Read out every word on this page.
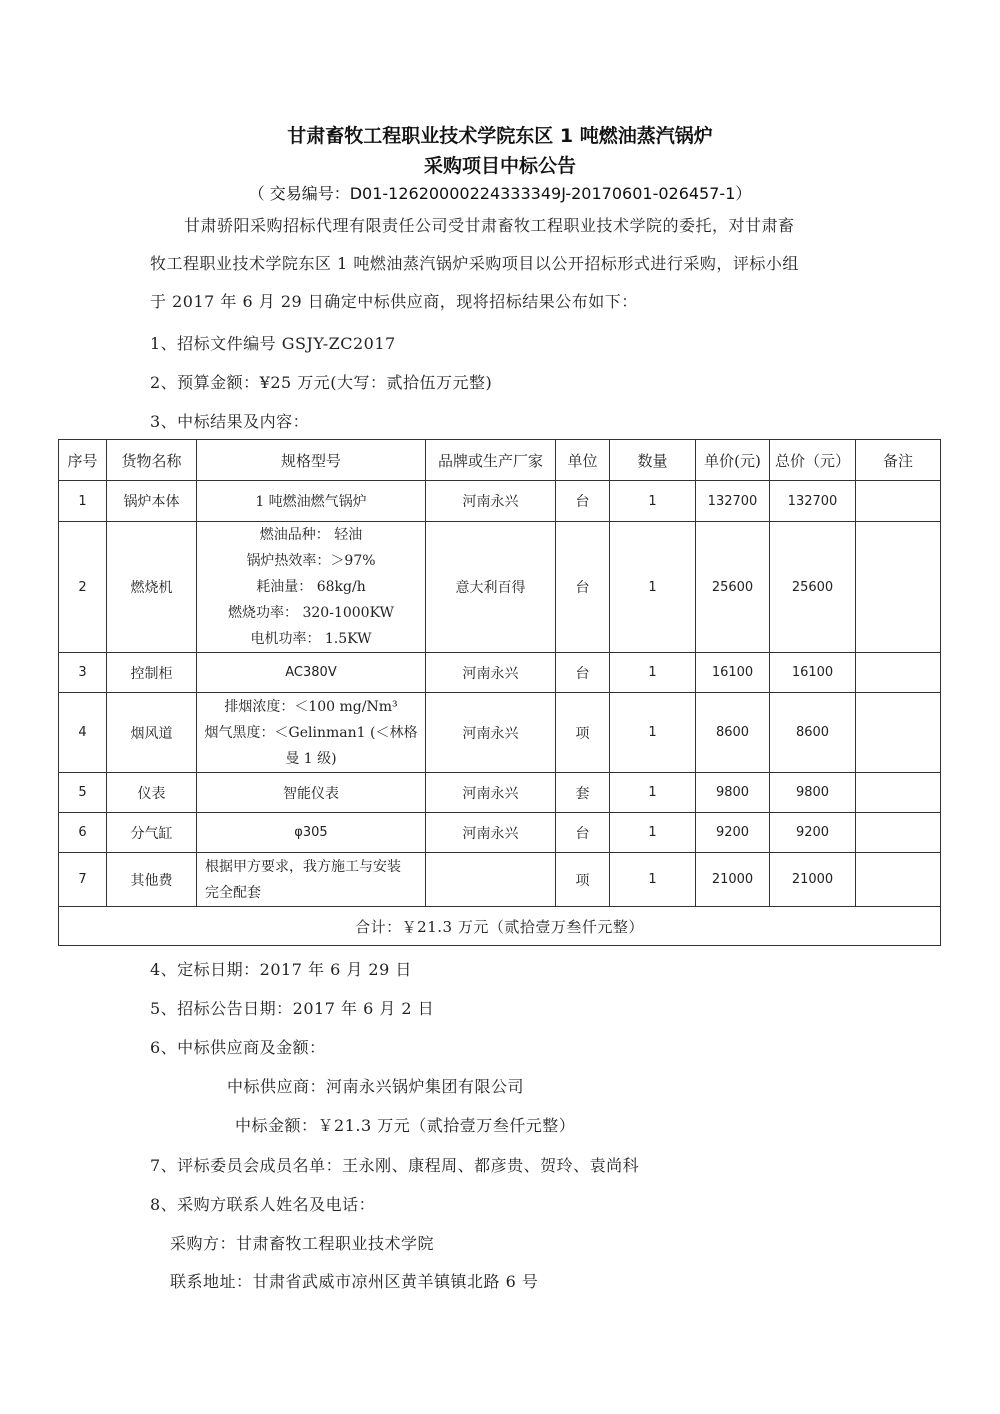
甘肃畜牧工程职业技术学院东区 1 吨燃油蒸汽锅炉
采购项目中标公告
（ 交易编号：D01-12620000224333349J-20170601-026457-1）
甘肃骄阳采购招标代理有限责任公司受甘肃畜牧工程职业技术学院的委托，对甘肃畜
牧工程职业技术学院东区 1 吨燃油蒸汽锅炉采购项目以公开招标形式进行采购，评标小组
于 2017 年 6 月 29 日确定中标供应商，现将招标结果公布如下：
1、招标文件编号 GSJY-ZC2017
2、预算金额：¥25 万元(大写：贰拾伍万元整)
3、中标结果及内容：
序号	货物名称	规格型号	品牌或生产厂家	单位	数量	单价(元)	总价（元）	备注
1	锅炉本体	1 吨燃油燃气锅炉	河南永兴	台	1	132700	132700	
2	燃烧机	燃油品种： 轻油
锅炉热效率：＞97%
耗油量： 68kg/h
燃烧功率： 320-1000KW
电机功率： 1.5KW	意大利百得	台	1	25600	25600	
3	控制柜	AC380V	河南永兴	台	1	16100	16100	
4	烟风道	排烟浓度：＜100 mg/Nm³
烟气黑度：＜Gelinman1 (＜林格
曼 1 级)	河南永兴	项	1	8600	8600	
5	仪表	智能仪表	河南永兴	套	1	9800	9800	
6	分气缸	φ305	河南永兴	台	1	9200	9200	
7	其他费	根据甲方要求，我方施工与安装
完全配套		项	1	21000	21000	
合计：￥21.3 万元（贰拾壹万叁仟元整）								
4、定标日期：2017 年 6 月 29 日
5、招标公告日期：2017 年 6 月 2 日
6、中标供应商及金额：
中标供应商：河南永兴锅炉集团有限公司
中标金额：￥21.3 万元（贰拾壹万叁仟元整）
7、评标委员会成员名单：王永刚、康程周、都彦贵、贺玲、袁尚科
8、采购方联系人姓名及电话：
采购方：甘肃畜牧工程职业技术学院
联系地址：甘肃省武威市凉州区黄羊镇镇北路 6 号
